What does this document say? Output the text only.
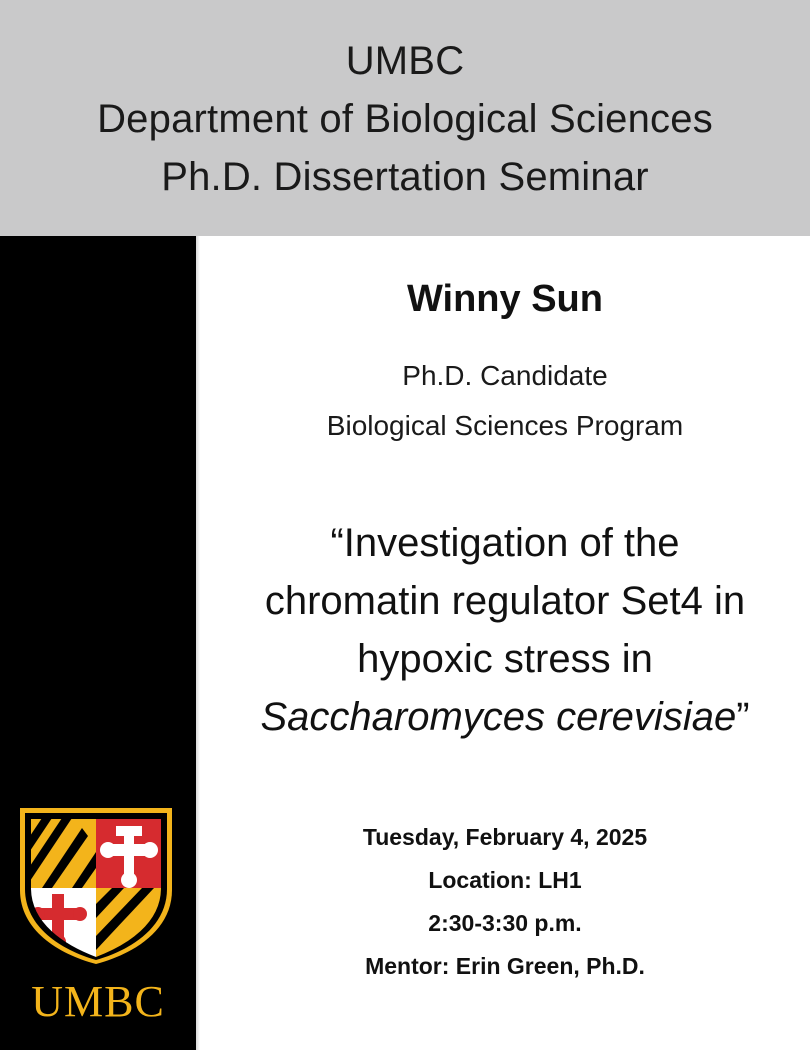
UMBC
Department of Biological Sciences
Ph.D. Dissertation Seminar
UMBC
Winny Sun
Ph.D. Candidate
Biological Sciences Program
“Investigation of the
chromatin regulator Set4 in
hypoxic stress in
Saccharomyces cerevisiae”
Tuesday, February 4, 2025
Location: LH1
2:30-3:30 p.m.
Mentor: Erin Green, Ph.D.
